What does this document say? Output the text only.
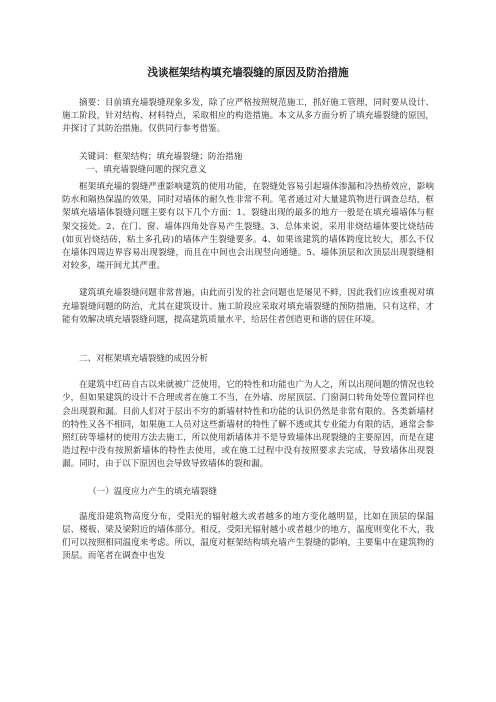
浅谈框架结构填充墙裂缝的原因及防治措施

摘要：目前填充墙裂缝现象多发，除了应严格按照规范施工，抓好施工管理，同时要从设计、施工阶段，针对结构、材料特点，采取相应的构造措施。本文从多方面分析了填充墙裂缝的原因，并探讨了其防治措施。仅供同行参考借鉴。

关键词：框架结构；填充墙裂缝；防治措施

一、填充墙裂缝问题的探究意义

框架填充墙的裂缝严重影响建筑的使用功能，在裂缝处容易引起墙体渗漏和冷热桥效应，影响防水和隔热保温的效果，同时对墙体的耐久性非常不利。笔者通过对大量建筑物进行调查总结，框架填充墙墙体裂缝问题主要有以下几个方面：1、裂缝出现的最多的地方一般是在填充墙墙体与框架交接处。2、在门、窗、墙体四角处容易产生裂缝。3、总体来说，采用非烧结墙体要比烧结砖(如页岩烧结砖，粘土多孔砖)的墙体产生裂缝要多。4、如果该建筑的墙体跨度比较大，那么不仅在墙体四周边界容易出现裂缝，而且在中间也会出现竖向通缝。5、墙体顶层和次顶层出现裂缝相对较多，端开间尤其严重。

建筑填充墙裂缝问题非常普遍，由此而引发的社会问题也是屡见不鲜，因此我们应该重视对填充墙裂缝问题的防治，尤其在建筑设计、施工阶段应采取对填充墙裂缝的预防措施，只有这样，才能有效解决填充墙裂缝问题，提高建筑质量水平，给居住者创造更和谐的居住环境。

二、对框架填充墙裂缝的成因分析

在建筑中红砖自古以来就被广泛使用，它的特性和功能也广为人之，所以出现问题的情况也较少，但如果建筑的设计不合理或者在施工不当，在外墙、房屋顶层、门窗洞口转角处等位置同样也会出现裂和漏。目前人们对于层出不穷的新墙材特性和功能的认识仍然是非常有限的。各类新墙材的特性又各不相同，如果施工人员对这些新墙材的特性了解不透或其专业能力有限的话，通常会参照红砖等墙材的使用方法去施工，所以使用新墙体并不是导致墙体出现裂缝的主要原因，而是在建造过程中没有按照新墙体的特性去使用，或在施工过程中没有按照要求去完成，导致墙体出现裂漏。同时，由于以下原因也会导致导致墙体的裂和漏。

（一）温度应力产生的填充墙裂缝

温度沿建筑物高度分布，受阳光的辐射越大或者越多的地方变化越明显，比如在顶层的保温层、楼板、梁及梁附近的墙体部分。相反，受阳光辐射越小或者越少的地方，温度则变化不大，我们可以按照相同温度来考虑。所以，温度对框架结构填充墙产生裂缝的影响，主要集中在建筑物的顶层。而笔者在调查中也发
